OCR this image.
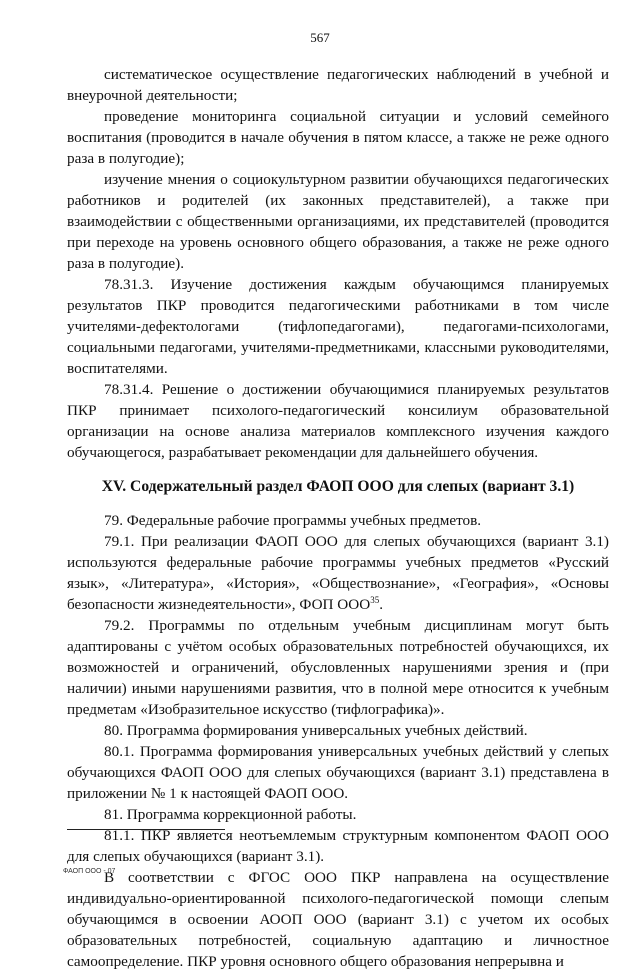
567

систематическое осуществление педагогических наблюдений в учебной и внеурочной деятельности;

проведение мониторинга социальной ситуации и условий семейного воспитания (проводится в начале обучения в пятом классе, а также не реже одного раза в полугодие);

изучение мнения о социокультурном развитии обучающихся педагогических работников и родителей (их законных представителей), а также при взаимодействии с общественными организациями, их представителей (проводится при переходе на уровень основного общего образования, а также не реже одного раза в полугодие).

78.31.3. Изучение достижения каждым обучающимся планируемых результатов ПКР проводится педагогическими работниками в том числе учителями-дефектологами (тифлопедагогами), педагогами-психологами, социальными педагогами, учителями-предметниками, классными руководителями, воспитателями.

78.31.4. Решение о достижении обучающимися планируемых результатов ПКР принимает психолого-педагогический консилиум образовательной организации на основе анализа материалов комплексного изучения каждого обучающегося, разрабатывает рекомендации для дальнейшего обучения.

XV. Содержательный раздел ФАОП ООО для слепых (вариант 3.1)

79. Федеральные рабочие программы учебных предметов.

79.1. При реализации ФАОП ООО для слепых обучающихся (вариант 3.1) используются федеральные рабочие программы учебных предметов «Русский язык», «Литература», «История», «Обществознание», «География», «Основы безопасности жизнедеятельности», ФОП ООО$^{35}$.

79.2. Программы по отдельным учебным дисциплинам могут быть адаптированы с учётом особых образовательных потребностей обучающихся, их возможностей и ограничений, обусловленных нарушениями зрения и (при наличии) иными нарушениями развития, что в полной мере относится к учебным предметам «Изобразительное искусство (тифлографика)».

80. Программа формирования универсальных учебных действий.

80.1. Программа формирования универсальных учебных действий у слепых обучающихся ФАОП ООО для слепых обучающихся (вариант 3.1) представлена в приложении № 1 к настоящей ФАОП ООО.

81. Программа коррекционной работы.

81.1. ПКР является неотъемлемым структурным компонентом ФАОП ООО для слепых обучающихся (вариант 3.1).

В соответствии с ФГОС ООО ПКР направлена на осуществление индивидуально-ориентированной психолого-педагогической помощи слепым обучающимся в освоении АООП ООО (вариант 3.1) с учетом их особых образовательных потребностей, социальную адаптацию и личностное самоопределение. ПКР уровня основного общего образования непрерывна и

ФАОП ООО - 07
